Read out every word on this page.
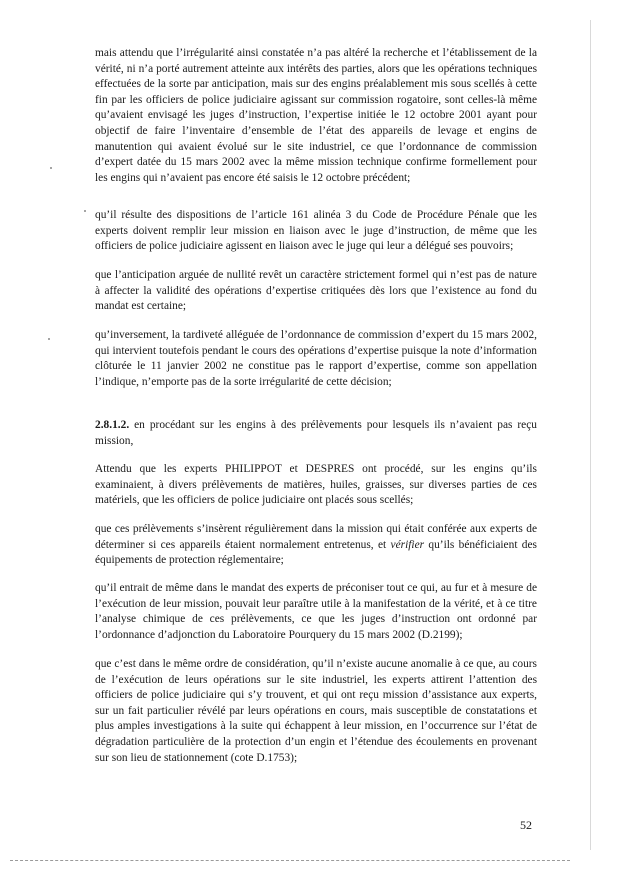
mais attendu que l’irrégularité ainsi constatée n’a pas altéré la recherche et l’établissement de la vérité, ni n’a porté autrement atteinte aux intérêts des parties, alors que les opérations techniques effectuées de la sorte par anticipation, mais sur des engins préalablement mis sous scellés à cette fin par les officiers de police judiciaire agissant sur commission rogatoire, sont celles-là même qu’avaient envisagé les juges d’instruction, l’expertise initiée le 12 octobre 2001 ayant pour objectif de faire l’inventaire d’ensemble de l’état des appareils de levage et engins de manutention qui avaient évolué sur le site industriel, ce que l’ordonnance de commission d’expert datée du 15 mars 2002 avec la même mission technique confirme formellement pour les engins qui n’avaient pas encore été saisis le 12 octobre précédent;

qu’il résulte des dispositions de l’article 161 alinéa 3 du Code de Procédure Pénale que les experts doivent remplir leur mission en liaison avec le juge d’instruction, de même que les officiers de police judiciaire agissent en liaison avec le juge qui leur a délégué ses pouvoirs;

que l’anticipation arguée de nullité revêt un caractère strictement formel qui n’est pas de nature à affecter la validité des opérations d’expertise critiquées dès lors que l’existence au fond du mandat est certaine;

qu’inversement, la tardiveté alléguée de l’ordonnance de commission d’expert du 15 mars 2002, qui intervient toutefois pendant le cours des opérations d’expertise puisque la note d’information clôturée le 11 janvier 2002 ne constitue pas le rapport d’expertise, comme son appellation l’indique, n’emporte pas de la sorte irrégularité de cette décision;

2.8.1.2. en procédant sur les engins à des prélèvements pour lesquels ils n’avaient pas reçu mission,

Attendu que les experts PHILIPPOT et DESPRES ont procédé, sur les engins qu’ils examinaient, à divers prélèvements de matières, huiles, graisses, sur diverses parties de ces matériels, que les officiers de police judiciaire ont placés sous scellés;

que ces prélèvements s’insèrent régulièrement dans la mission qui était conférée aux experts de déterminer si ces appareils étaient normalement entretenus, et vérifier qu’ils bénéficiaient des équipements de protection réglementaire;

qu’il entrait de même dans le mandat des experts de préconiser tout ce qui, au fur et à mesure de l’exécution de leur mission, pouvait leur paraître utile à la manifestation de la vérité, et à ce titre l’analyse chimique de ces prélèvements, ce que les juges d’instruction ont ordonné par l’ordonnance d’adjonction du Laboratoire Pourquery du 15 mars 2002 (D.2199);

que c’est dans le même ordre de considération, qu’il n’existe aucune anomalie à ce que, au cours de l’exécution de leurs opérations sur le site industriel, les experts attirent l’attention des officiers de police judiciaire qui s’y trouvent, et qui ont reçu mission d’assistance aux experts, sur un fait particulier révélé par leurs opérations en cours, mais susceptible de constatations et plus amples investigations à la suite qui échappent à leur mission, en l’occurrence sur l’état de dégradation particulière de la protection d’un engin et l’étendue des écoulements en provenant sur son lieu de stationnement (cote D.1753);

52
